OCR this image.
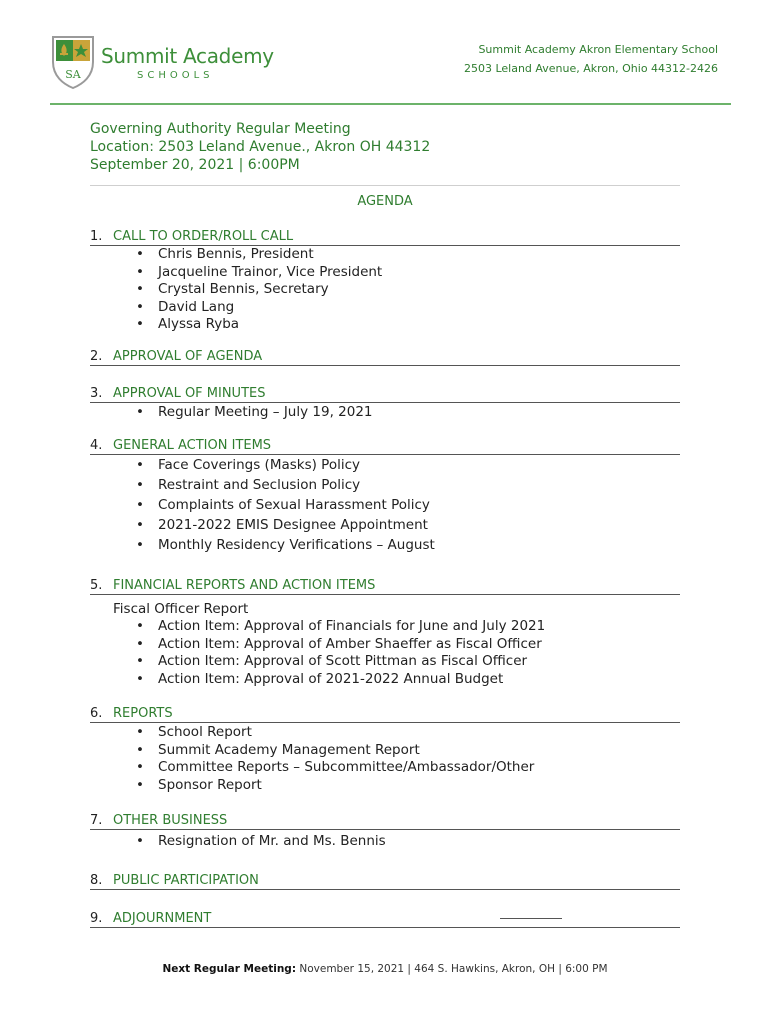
SA
Summit Academy
SCHOOLS
Summit Academy Akron Elementary School
2503 Leland Avenue, Akron, Ohio 44312-2426
Governing Authority Regular Meeting
Location: 2503 Leland Avenue., Akron OH 44312
September 20, 2021 | 6:00PM
AGENDA
1. CALL TO ORDER/ROLL CALL
• Chris Bennis, President
• Jacqueline Trainor, Vice President
• Crystal Bennis, Secretary
• David Lang
• Alyssa Ryba
2. APPROVAL OF AGENDA
3. APPROVAL OF MINUTES
• Regular Meeting – July 19, 2021
4. GENERAL ACTION ITEMS
• Face Coverings (Masks) Policy
• Restraint and Seclusion Policy
• Complaints of Sexual Harassment Policy
• 2021-2022 EMIS Designee Appointment
• Monthly Residency Verifications – August
5. FINANCIAL REPORTS AND ACTION ITEMS
Fiscal Officer Report
• Action Item: Approval of Financials for June and July 2021
• Action Item: Approval of Amber Shaeffer as Fiscal Officer
• Action Item: Approval of Scott Pittman as Fiscal Officer
• Action Item: Approval of 2021-2022 Annual Budget
6. REPORTS
• School Report
• Summit Academy Management Report
• Committee Reports – Subcommittee/Ambassador/Other
• Sponsor Report
7. OTHER BUSINESS
• Resignation of Mr. and Ms. Bennis
8. PUBLIC PARTICIPATION
9. ADJOURNMENT
Next Regular Meeting: November 15, 2021 | 464 S. Hawkins, Akron, OH | 6:00 PM
